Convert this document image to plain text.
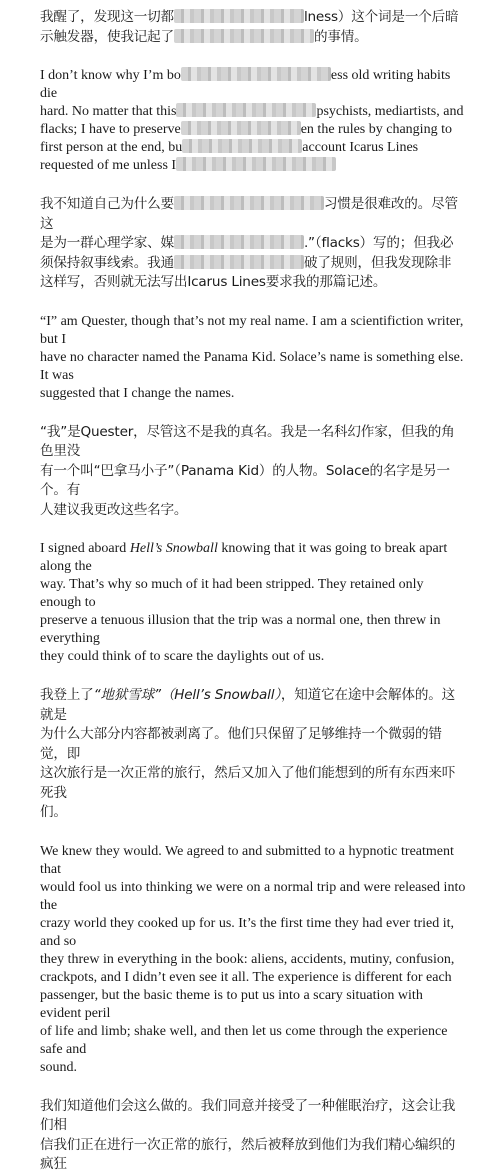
我醒了，发现这一切都	lness）这个词是一个后暗
示触发器，使我记起了	的事情。
I don’t know why I’m bo	ess old writing habits die
hard. No matter that this	psychists, mediartists, and
flacks; I have to preserve	en the rules by changing to
first person at the end, bu	account Icarus Lines
requested of me unless I
我不知道自己为什么要	习惯是很难改的。尽管这
是为一群心理学家、媒	.”（flacks）写的；但我必
须保持叙事线索。我通	破了规则，但我发现除非
这样写，否则就无法写出Icarus Lines要求我的那篇记述。
“I” am Quester, though that’s not my real name. I am a scientifiction writer, but I
have no character named the Panama Kid. Solace’s name is something else. It was
suggested that I change the names.
“我”是Quester，尽管这不是我的真名。我是一名科幻作家，但我的角色里没
有一个叫“巴拿马小子”（Panama Kid）的人物。Solace的名字是另一个。有
人建议我更改这些名字。
I signed aboard Hell’s Snowball knowing that it was going to break apart along the
way. That’s why so much of it had been stripped. They retained only enough to
preserve a tenuous illusion that the trip was a normal one, then threw in everything
they could think of to scare the daylights out of us.
我登上了“地狱雪球”（Hell’s Snowball），知道它在途中会解体的。这就是
为什么大部分内容都被剥离了。他们只保留了足够维持一个微弱的错觉，即
这次旅行是一次正常的旅行，然后又加入了他们能想到的所有东西来吓死我
们。
We knew they would. We agreed to and submitted to a hypnotic treatment that
would fool us into thinking we were on a normal trip and were released into the
crazy world they cooked up for us. It’s the first time they had ever tried it, and so
they threw in everything in the book: aliens, accidents, mutiny, confusion,
crackpots, and I didn’t even see it all. The experience is different for each
passenger, but the basic theme is to put us into a scary situation with evident peril
of life and limb; shake well, and then let us come through the experience safe and
sound.
我们知道他们会这么做的。我们同意并接受了一种催眠治疗，这会让我们相
信我们正在进行一次正常的旅行，然后被释放到他们为我们精心编织的疯狂
